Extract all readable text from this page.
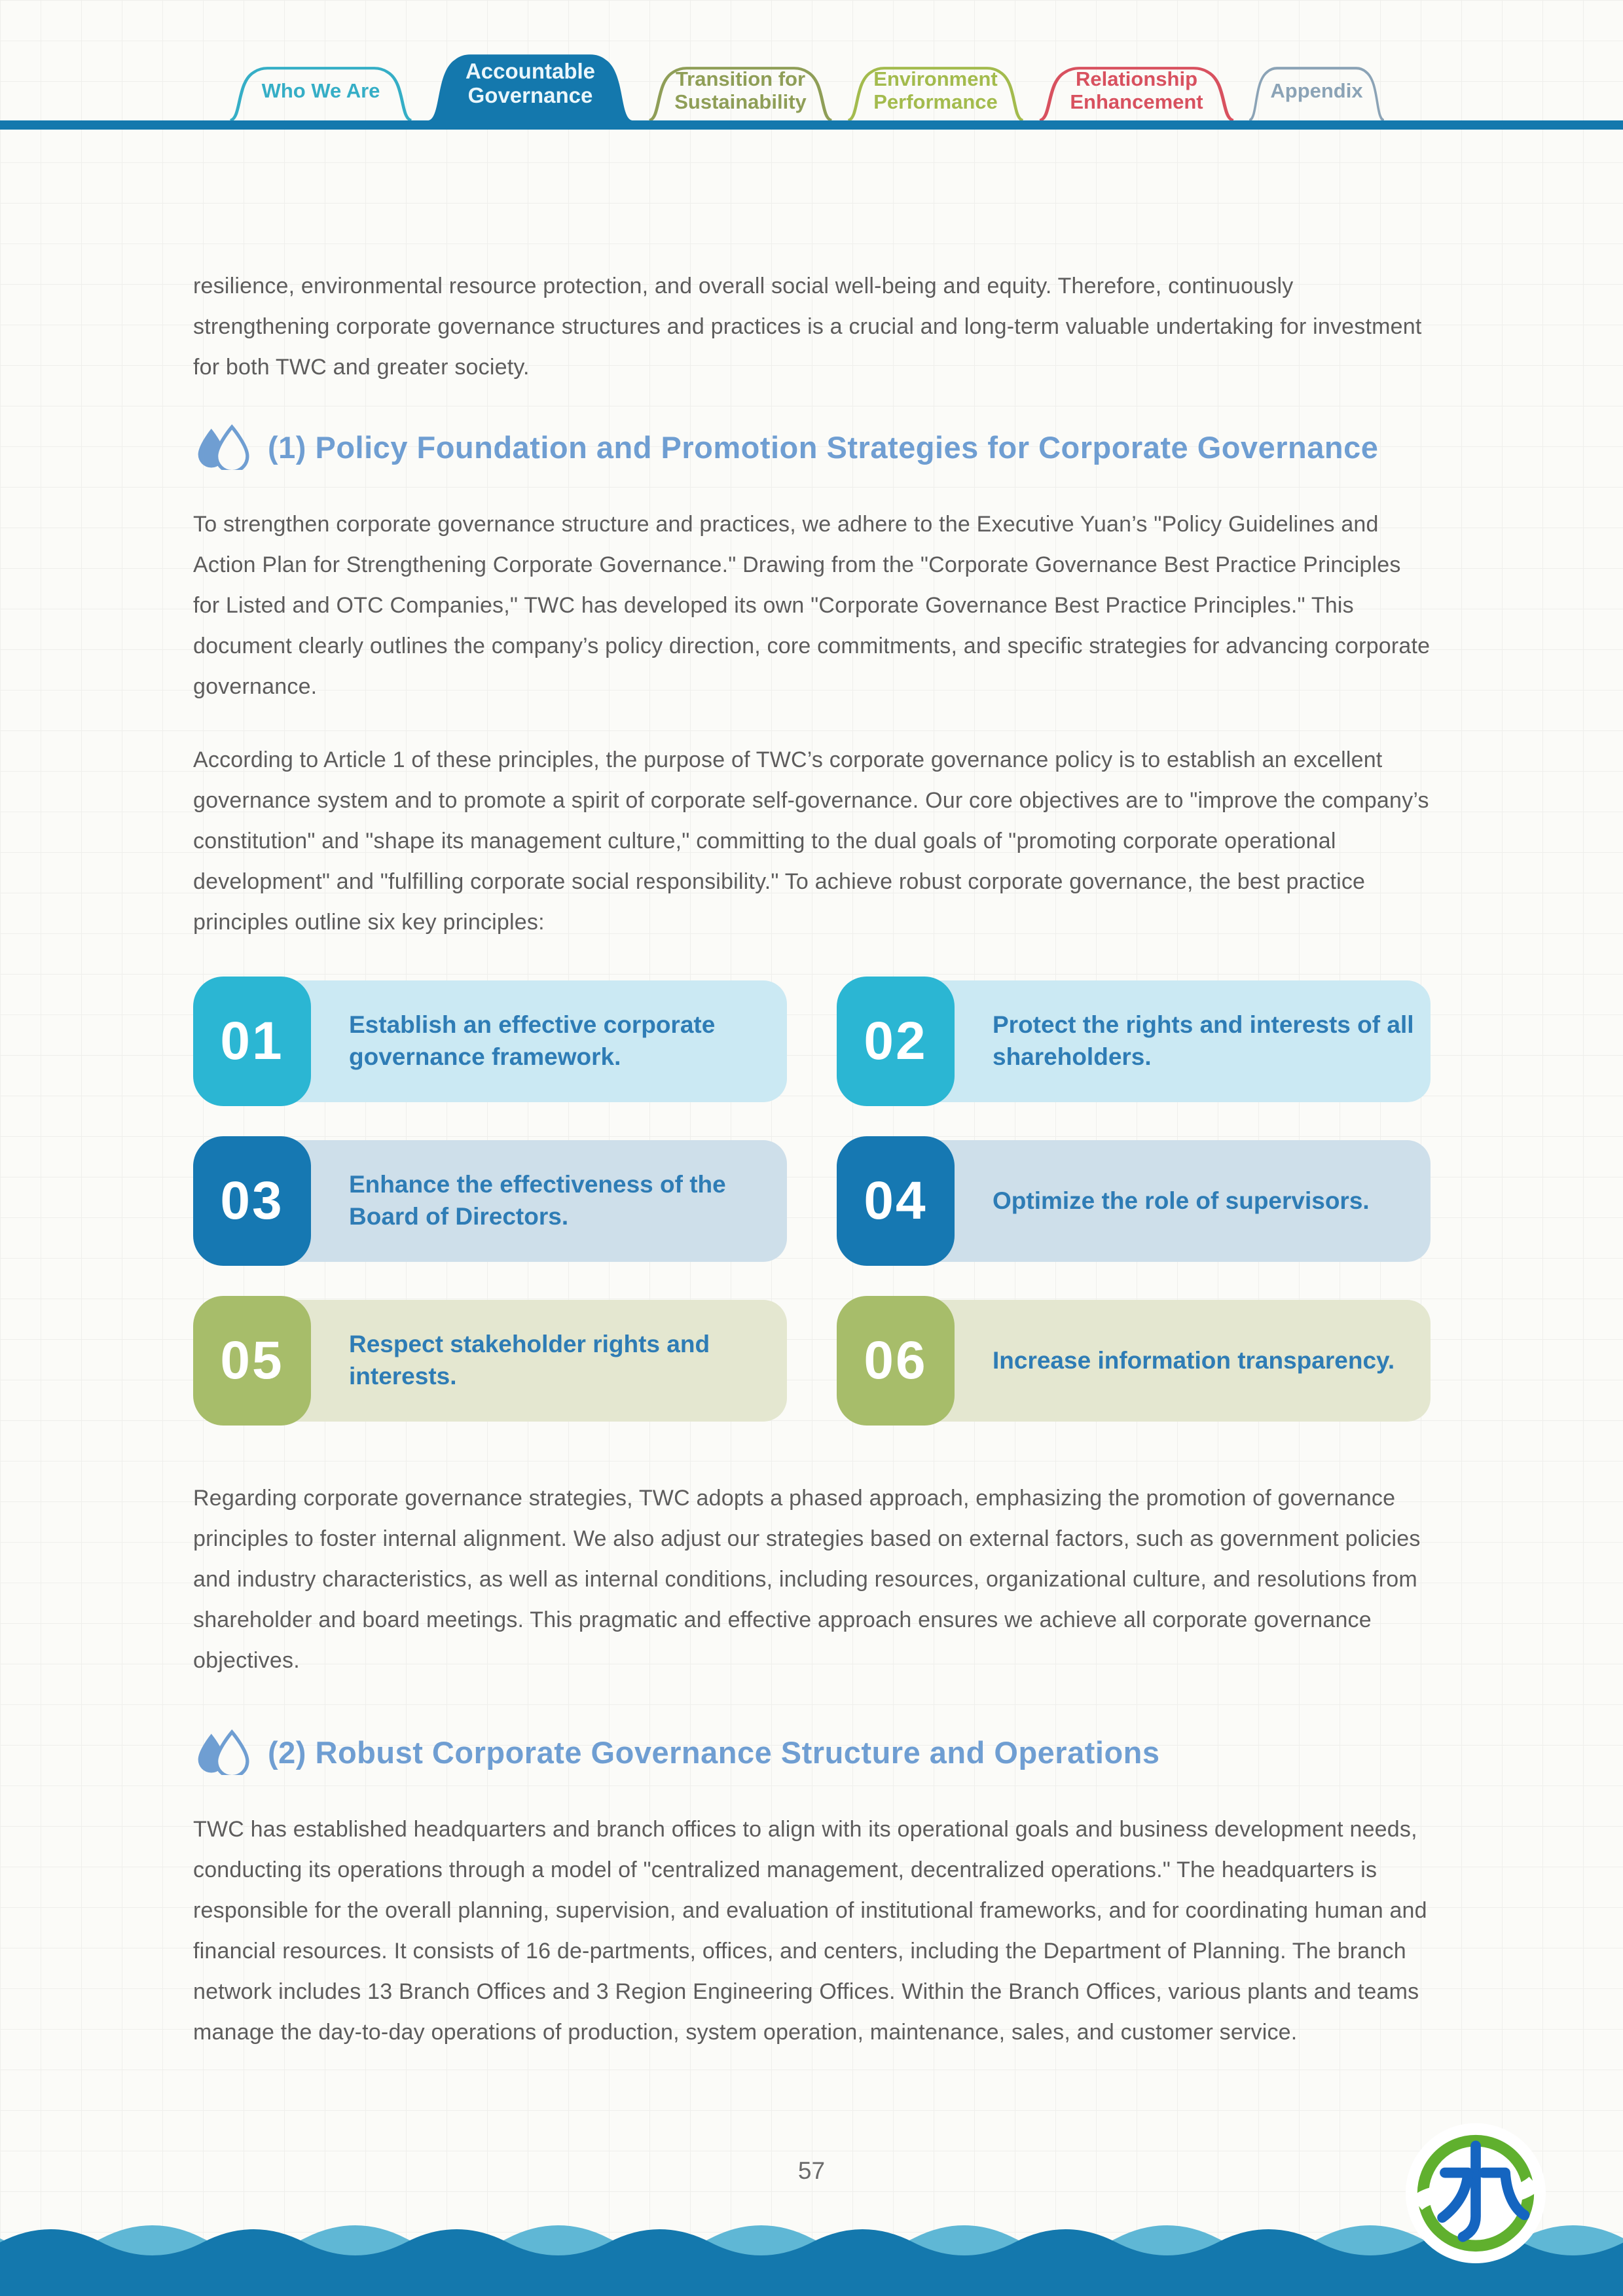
Who We Are
Accountable Governance
Transition for Sustainability
Environment Performance
Relationship Enhancement	Appendix

resilience, environmental resource protection, and overall social well-being and equity. Therefore, continuously strengthening corporate governance structures and practices is a crucial and long-term valuable undertaking for investment for both TWC and greater society.

(1) Policy Foundation and Promotion Strategies for Corporate Governance

To strengthen corporate governance structure and practices, we adhere to the Executive Yuan’s "Policy Guidelines and Action Plan for Strengthening Corporate Governance." Drawing from the "Corporate Governance Best Practice Principles for Listed and OTC Companies," TWC has developed its own "Corporate Governance Best Practice Principles." This document clearly outlines the company’s policy direction, core commitments, and specific strategies for advancing corporate governance.

According to Article 1 of these principles, the purpose of TWC’s corporate governance policy is to establish an excellent governance system and to promote a spirit of corporate self-governance. Our core objectives are to "improve the company’s constitution" and "shape its management culture," committing to the dual goals of "promoting corporate operational development" and "fulfilling corporate social responsibility." To achieve robust corporate governance, the best practice principles outline six key principles:

Establish an effective corporate governance framework.
01	Protect the rights and interests of all shareholders.
02
Enhance the effectiveness of the Board of Directors.
03	Optimize the role of supervisors.
04
Respect stakeholder rights and interests.
05	Increase information transparency.
06

Regarding corporate governance strategies, TWC adopts a phased approach, emphasizing the promotion of governance principles to foster internal alignment. We also adjust our strategies based on external factors, such as government policies and industry characteristics, as well as internal conditions, including resources, organizational culture, and resolutions from shareholder and board meetings. This pragmatic and effective approach ensures we achieve all corporate governance objectives.

(2) Robust Corporate Governance Structure and Operations

TWC has established headquarters and branch offices to align with its operational goals and business development needs, conducting its operations through a model of "centralized management, decentralized operations." The headquarters is responsible for the overall planning, supervision, and evaluation of institutional frameworks, and for coordinating human and financial resources. It consists of 16 de-partments, offices, and centers, including the Department of Planning. The branch network includes 13 Branch Offices and 3 Region Engineering Offices. Within the Branch Offices, various plants and teams manage the day-to-day operations of production, system operation, maintenance, sales, and customer service.

57
